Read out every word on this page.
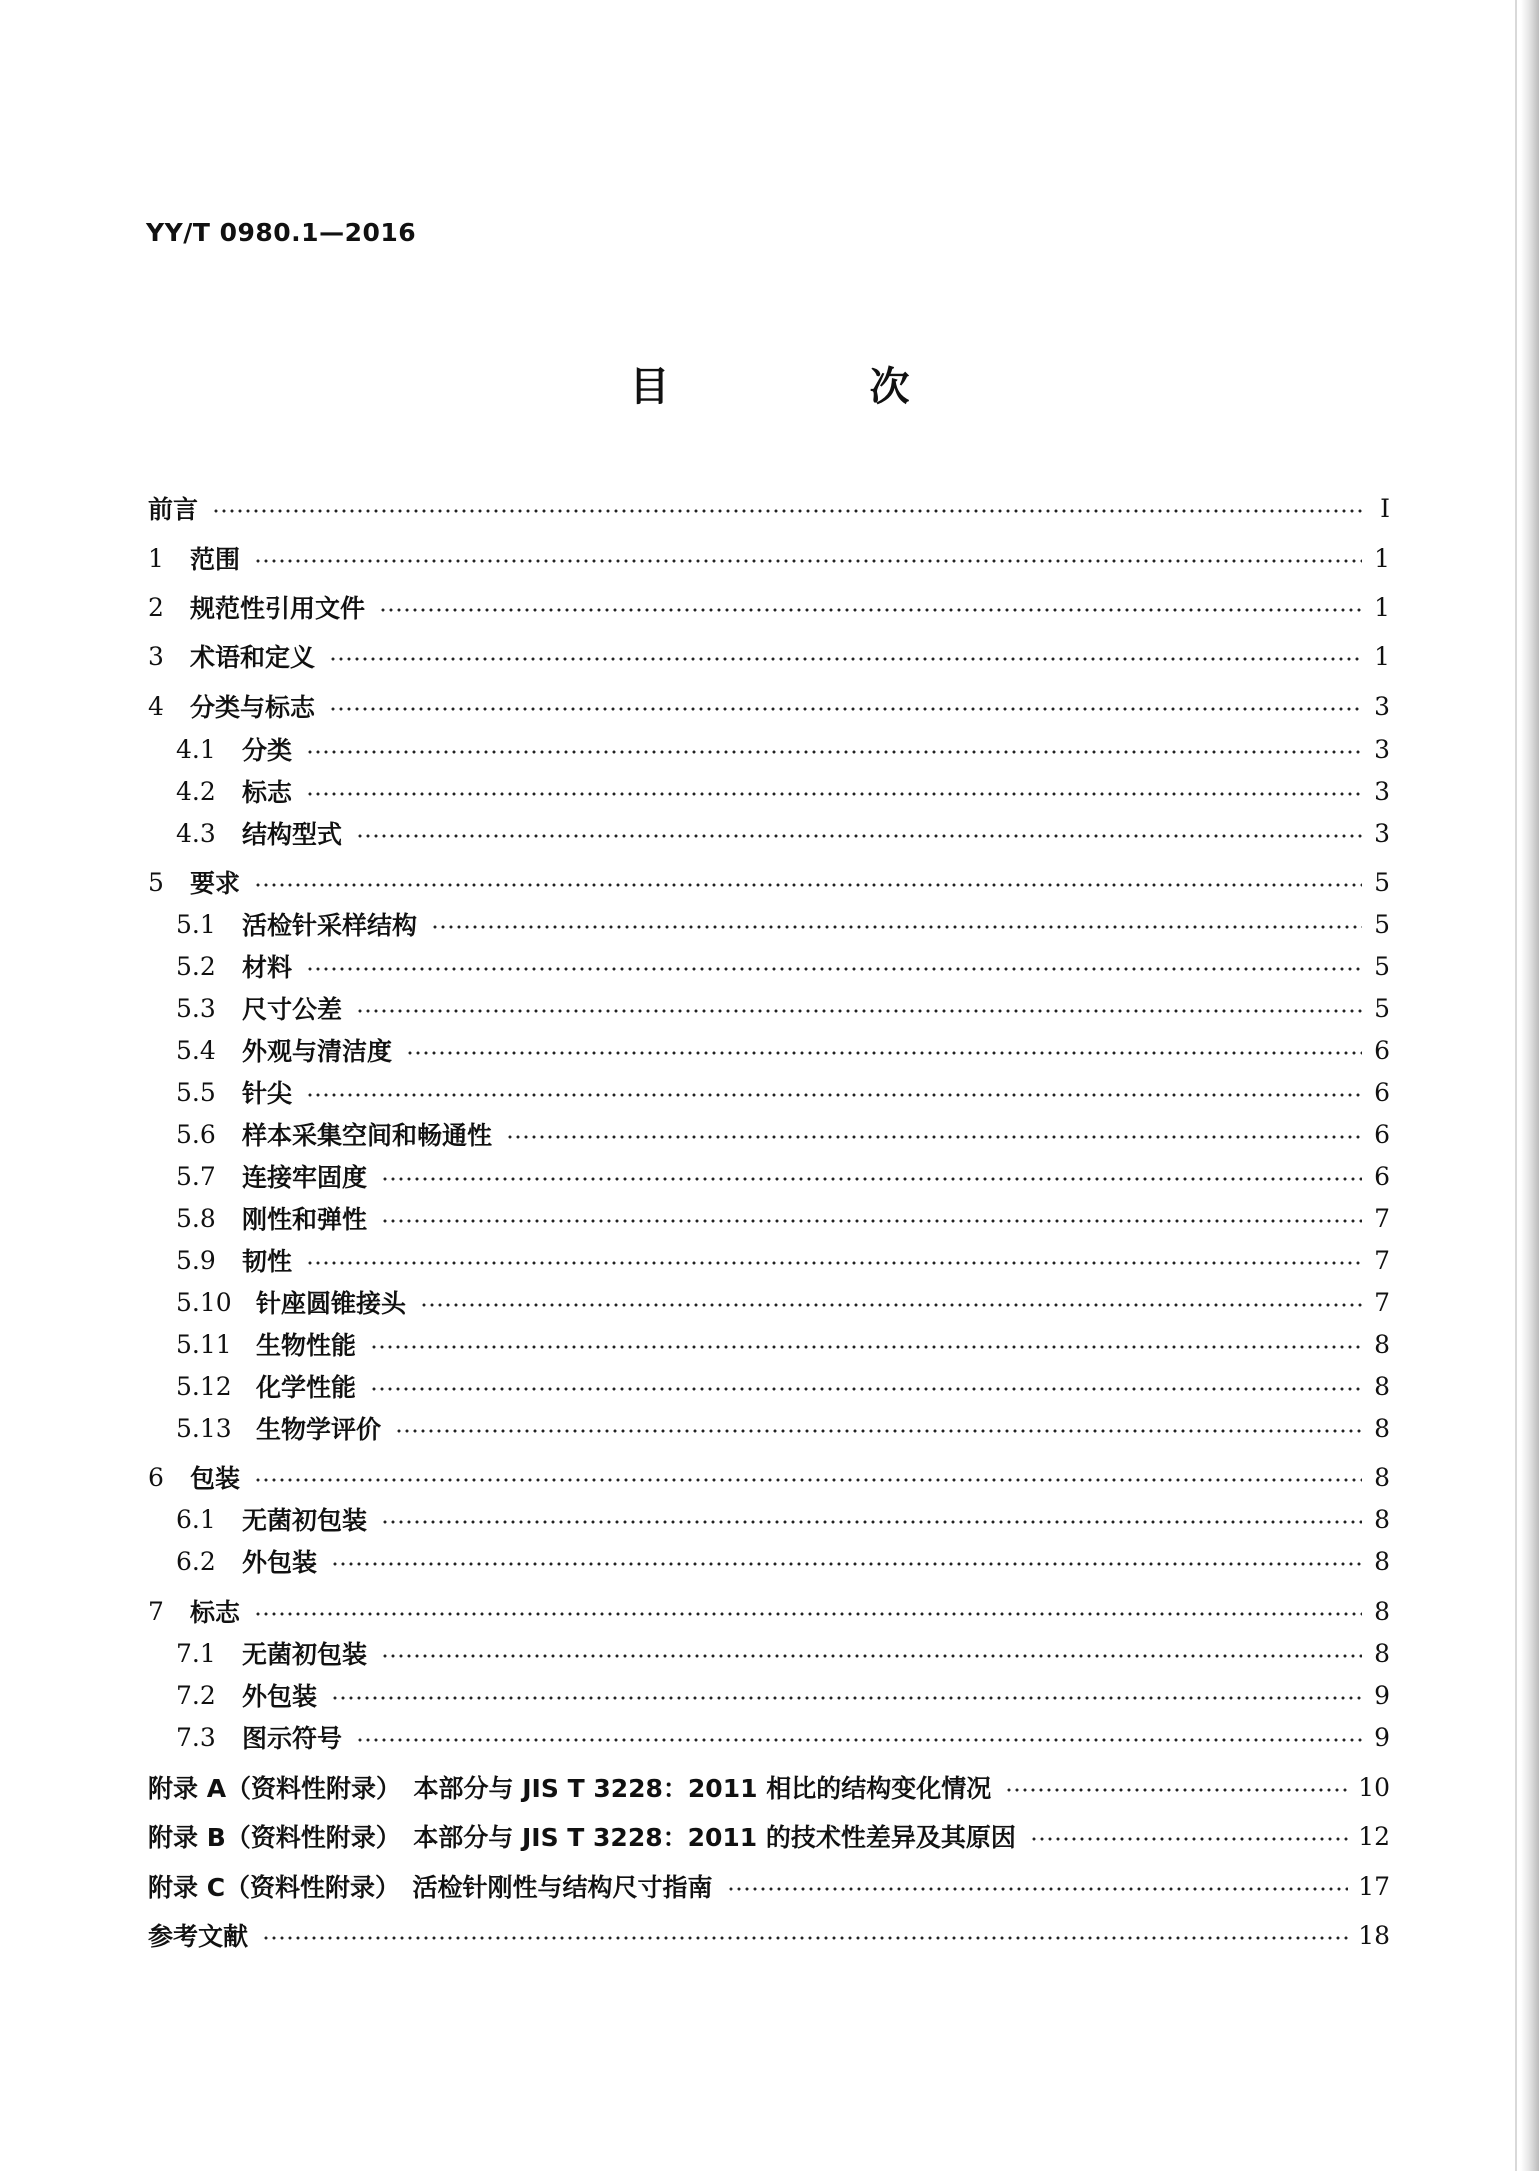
YY/T 0980.1—2016
目　次
前言	I
1	范围	1
2	规范性引用文件	1
3	术语和定义	1
4	分类与标志	3
4.1	分类	3
4.2	标志	3
4.3	结构型式	3
5	要求	5
5.1	活检针采样结构	5
5.2	材料	5
5.3	尺寸公差	5
5.4	外观与清洁度	6
5.5	针尖	6
5.6	样本采集空间和畅通性	6
5.7	连接牢固度	6
5.8	刚性和弹性	7
5.9	韧性	7
5.10 针座圆锥接头	7
5.11 生物性能	8
5.12 化学性能	8
5.13 生物学评价	8
6	包装	8
6.1	无菌初包装	8
6.2	外包装	8
7	标志	8
7.1	无菌初包装	8
7.2	外包装	9
7.3	图示符号	9
附录 A（资料性附录）　本部分与 JIS T 3228：2011 相比的结构变化情况	10
附录 B（资料性附录）　本部分与 JIS T 3228：2011 的技术性差异及其原因	12
附录 C（资料性附录）　活检针刚性与结构尺寸指南	17
参考文献	18
